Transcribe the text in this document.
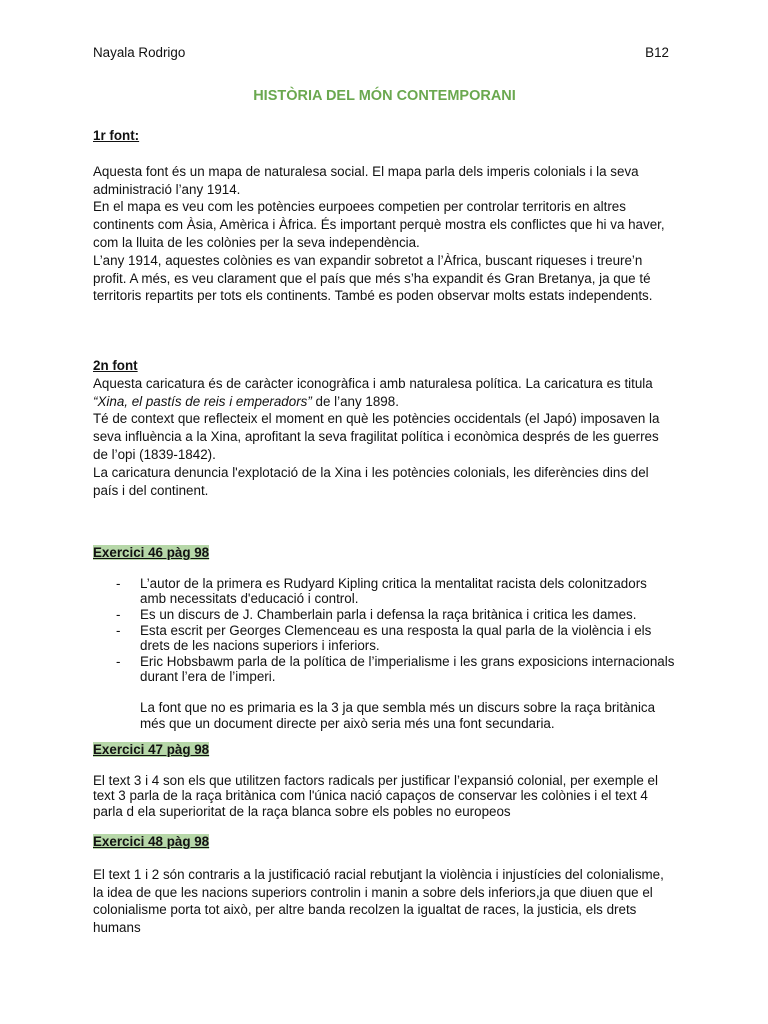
Nayala Rodrigo	B12
HISTÒRIA DEL MÓN CONTEMPORANI

1r font:

Aquesta font és un mapa de naturalesa social. El mapa parla dels imperis colonials i la seva administració l’any 1914.

En el mapa es veu com les potències eurpoees competien per controlar territoris en altres continents com Àsia, Amèrica i Àfrica. És important perquè mostra els conflictes que hi va haver, com la lluita de les colònies per la seva independència.

L’any 1914, aquestes colònies es van expandir sobretot a l’Àfrica, buscant riqueses i treure’n profit. A més, es veu clarament que el país que més s’ha expandit és Gran Bretanya, ja que té territoris repartits per tots els continents. També es poden observar molts estats independents.

2n font

Aquesta caricatura és de caràcter iconogràfica i amb naturalesa política. La caricatura es titula “Xina, el pastís de reis i emperadors” de l’any 1898.

Té de context que reflecteix el moment en què les potències occidentals (el Japó) imposaven la seva influència a la Xina, aprofitant la seva fragilitat política i econòmica després de les guerres de l’opi (1839-1842).

La caricatura denuncia l'explotació de la Xina i les potències colonials, les diferències dins del país i del continent.

Exercici 46 pàg 98

- L’autor de la primera es Rudyard Kipling critica la mentalitat racista dels colonitzadors amb necessitats d'educació i control.
- Es un discurs de J. Chamberlain parla i defensa la raça britànica i critica les dames.
- Esta escrit per Georges Clemenceau es una resposta la qual parla de la violència i els drets de les nacions superiors i inferiors.
- Eric Hobsbawm parla de la política de l’imperialisme i les grans exposicions internacionals durant l’era de l’imperi.

La font que no es primaria es la 3 ja que sembla més un discurs sobre la raça britànica més que un document directe per això seria més una font secundaria.

Exercici 47 pàg 98

El text 3 i 4 son els que utilitzen factors radicals per justificar l’expansió colonial, per exemple el text 3 parla de la raça britànica com l'única nació capaços de conservar les colònies i el text 4 parla d ela superioritat de la raça blanca sobre els pobles no europeos

Exercici 48 pàg 98

El text 1 i 2 són contraris a la justificació racial rebutjant la violència i injustícies del colonialisme, la idea de que les nacions superiors controlin i manin a sobre dels inferiors,ja que diuen que el colonialisme porta tot això, per altre banda recolzen la igualtat de races, la justicia, els drets humans
